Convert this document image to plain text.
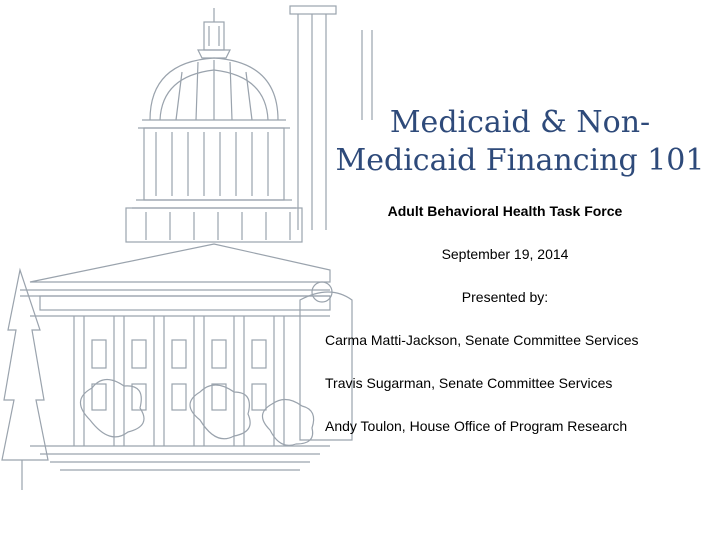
Medicaid & Non-
Medicaid Financing 101
Adult Behavioral Health Task Force
September 19, 2014
Presented by:
Carma Matti-Jackson, Senate Committee Services
Travis Sugarman, Senate Committee Services
Andy Toulon, House Office of Program Research
